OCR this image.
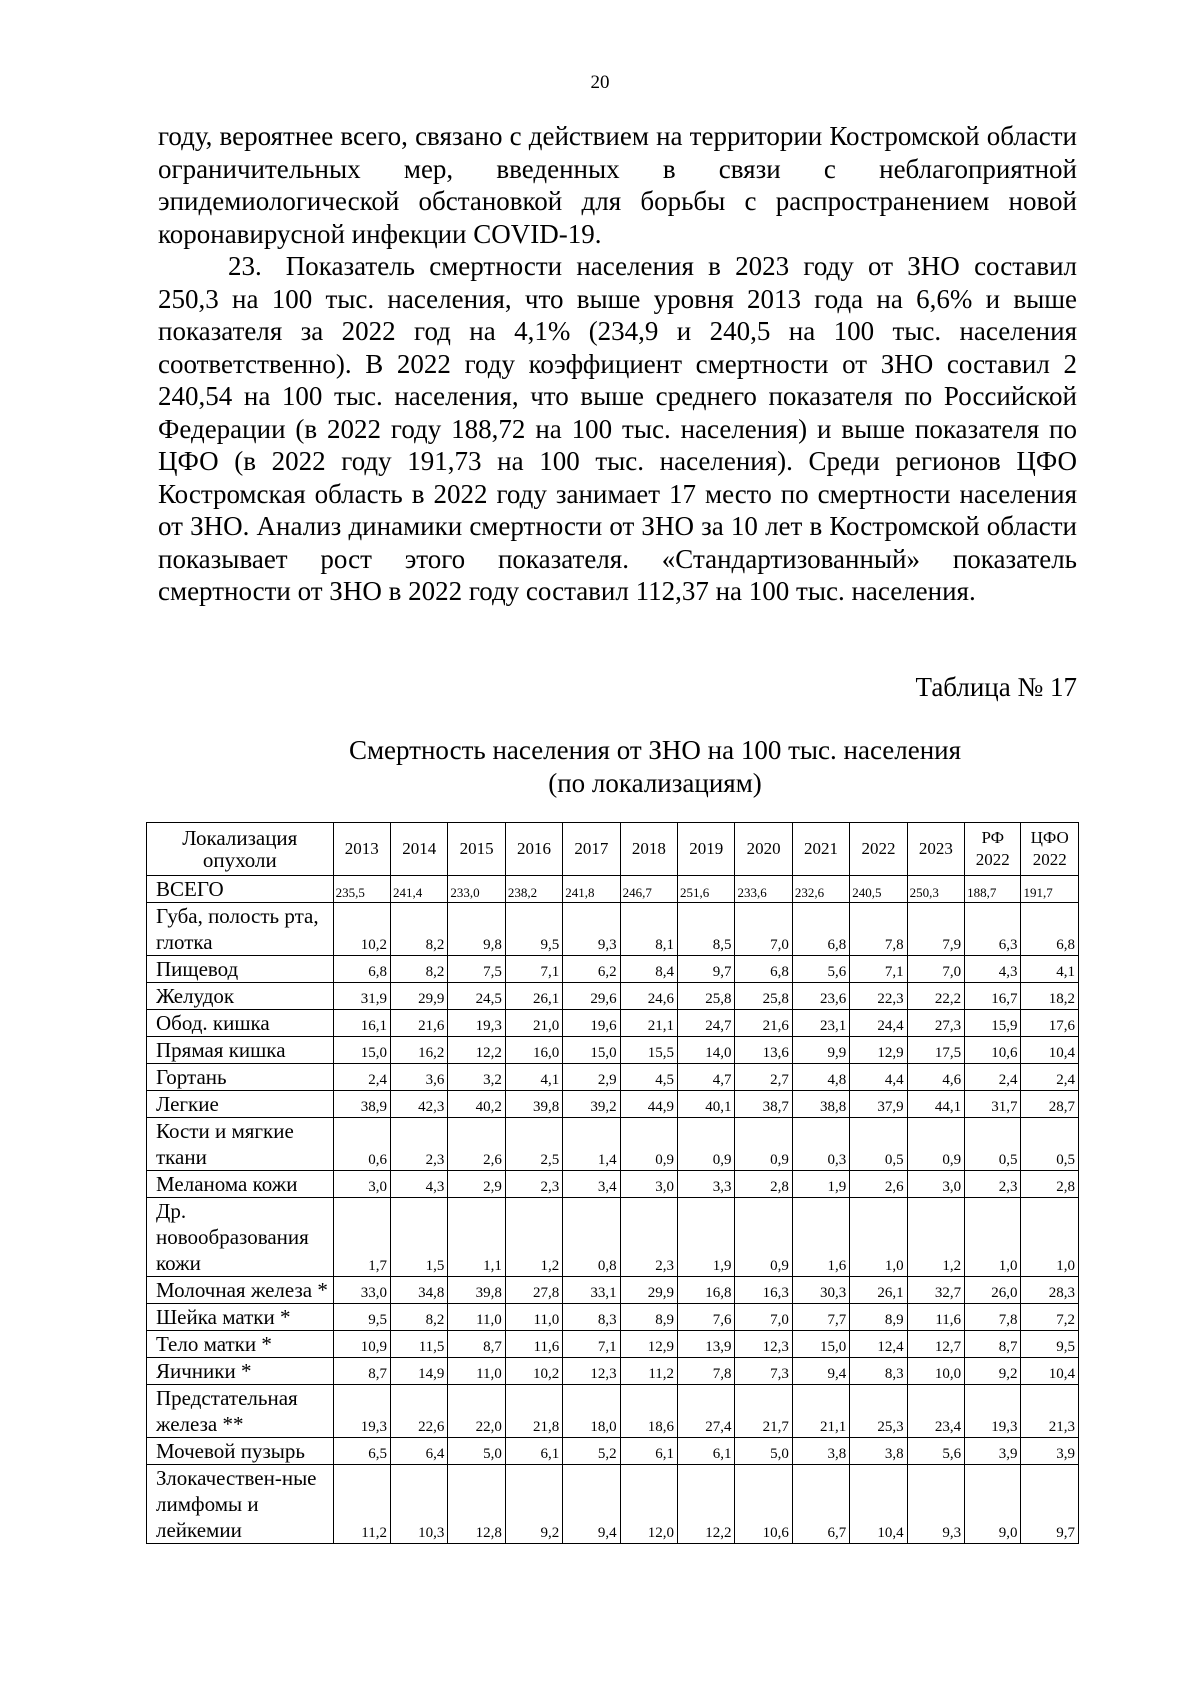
20

году, вероятнее всего, связано с действием на территории Костромской области ограничительных мер, введенных в связи с неблагоприятной эпидемиологической обстановкой для борьбы с распространением новой коронавирусной инфекции COVID-19.

23. Показатель смертности населения в 2023 году от ЗНО составил 250,3 на 100 тыс. населения, что выше уровня 2013 года на 6,6% и выше показателя за 2022 год на 4,1% (234,9 и 240,5 на 100 тыс. населения соответственно). В 2022 году коэффициент смертности от ЗНО составил 2 240,54 на 100 тыс. населения, что выше среднего показателя по Российской Федерации (в 2022 году 188,72 на 100 тыс. населения) и выше показателя по ЦФО (в 2022 году 191,73 на 100 тыс. населения). Среди регионов ЦФО Костромская область в 2022 году занимает 17 место по смертности населения от ЗНО. Анализ динамики смертности от ЗНО за 10 лет в Костромской области показывает рост этого показателя. «Стандартизованный» показатель смертности от ЗНО в 2022 году составил 112,37 на 100 тыс. населения.

Таблица № 17
Смертность населения от ЗНО на 100 тыс. населения
(по локализациям)
Локализация опухоли	2013	2014	2015	2016	2017	2018	2019	2020	2021	2022	2023	РФ 2022	ЦФО 2022
ВСЕГО	235,5	241,4	233,0	238,2	241,8	246,7	251,6	233,6	232,6	240,5	250,3	188,7	191,7
Губа, полость рта, глотка	10,2	8,2	9,8	9,5	9,3	8,1	8,5	7,0	6,8	7,8	7,9	6,3	6,8
Пищевод	6,8	8,2	7,5	7,1	6,2	8,4	9,7	6,8	5,6	7,1	7,0	4,3	4,1
Желудок	31,9	29,9	24,5	26,1	29,6	24,6	25,8	25,8	23,6	22,3	22,2	16,7	18,2
Обод. кишка	16,1	21,6	19,3	21,0	19,6	21,1	24,7	21,6	23,1	24,4	27,3	15,9	17,6
Прямая кишка	15,0	16,2	12,2	16,0	15,0	15,5	14,0	13,6	9,9	12,9	17,5	10,6	10,4
Гортань	2,4	3,6	3,2	4,1	2,9	4,5	4,7	2,7	4,8	4,4	4,6	2,4	2,4
Легкие	38,9	42,3	40,2	39,8	39,2	44,9	40,1	38,7	38,8	37,9	44,1	31,7	28,7
Кости и мягкие ткани	0,6	2,3	2,6	2,5	1,4	0,9	0,9	0,9	0,3	0,5	0,9	0,5	0,5
Меланома кожи	3,0	4,3	2,9	2,3	3,4	3,0	3,3	2,8	1,9	2,6	3,0	2,3	2,8
Др. новообразования кожи	1,7	1,5	1,1	1,2	0,8	2,3	1,9	0,9	1,6	1,0	1,2	1,0	1,0
Молочная железа *	33,0	34,8	39,8	27,8	33,1	29,9	16,8	16,3	30,3	26,1	32,7	26,0	28,3
Шейка матки *	9,5	8,2	11,0	11,0	8,3	8,9	7,6	7,0	7,7	8,9	11,6	7,8	7,2
Тело матки *	10,9	11,5	8,7	11,6	7,1	12,9	13,9	12,3	15,0	12,4	12,7	8,7	9,5
Яичники *	8,7	14,9	11,0	10,2	12,3	11,2	7,8	7,3	9,4	8,3	10,0	9,2	10,4
Предстательная железа **	19,3	22,6	22,0	21,8	18,0	18,6	27,4	21,7	21,1	25,3	23,4	19,3	21,3
Мочевой пузырь	6,5	6,4	5,0	6,1	5,2	6,1	6,1	5,0	3,8	3,8	5,6	3,9	3,9
Злокачествен-ные лимфомы и лейкемии	11,2	10,3	12,8	9,2	9,4	12,0	12,2	10,6	6,7	10,4	9,3	9,0	9,7
